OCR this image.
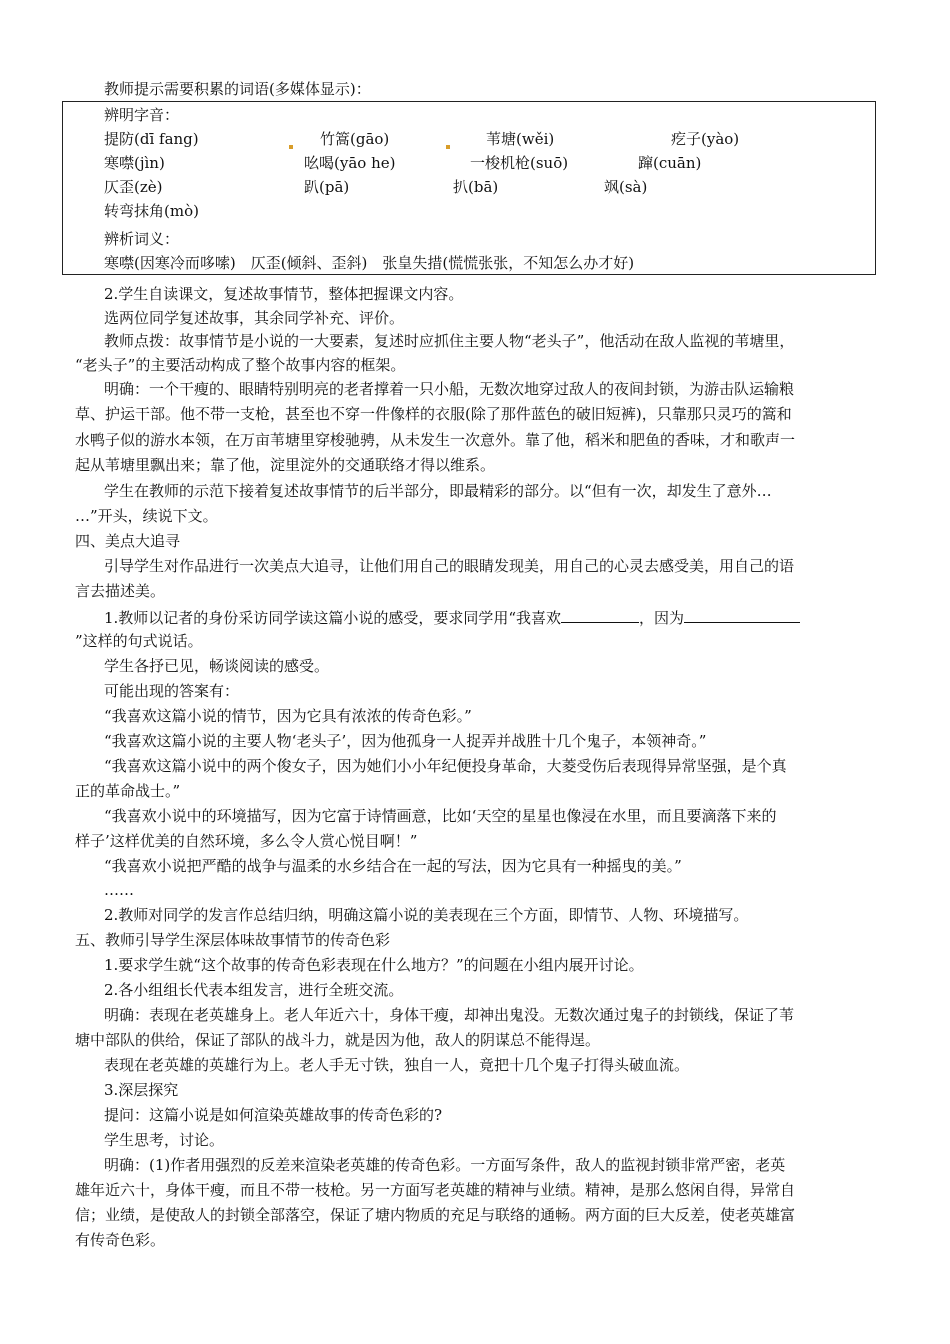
教师提示需要积累的词语(多媒体显示)：
辨明字音：
提防(dī fang)	竹篙(gāo)	苇塘(wěi)	疙子(yào)
寒噤(jìn)	吆喝(yāo he)	一梭机枪(suō)	蹿(cuān)
仄歪(zè)	趴(pā)	扒(bā)	飒(sà)
转弯抹角(mò)
辨析词义：
寒噤(因寒冷而哆嗦)　仄歪(倾斜、歪斜)　张皇失措(慌慌张张，不知怎么办才好)
2.学生自读课文，复述故事情节，整体把握课文内容。
选两位同学复述故事，其余同学补充、评价。
教师点拨：故事情节是小说的一大要素，复述时应抓住主要人物“老头子”，他活动在敌人监视的苇塘里，
“老头子”的主要活动构成了整个故事内容的框架。
明确：一个干瘦的、眼睛特别明亮的老者撑着一只小船，无数次地穿过敌人的夜间封锁，为游击队运输粮
草、护运干部。他不带一支枪，甚至也不穿一件像样的衣服(除了那件蓝色的破旧短裤)，只靠那只灵巧的篙和
水鸭子似的游水本领，在万亩苇塘里穿梭驰骋，从未发生一次意外。靠了他，稻米和肥鱼的香味，才和歌声一
起从苇塘里飘出来；靠了他，淀里淀外的交通联络才得以维系。
学生在教师的示范下接着复述故事情节的后半部分，即最精彩的部分。以“但有一次，却发生了意外…
…”开头，续说下文。
四、美点大追寻
引导学生对作品进行一次美点大追寻，让他们用自己的眼睛发现美，用自己的心灵去感受美，用自己的语
言去描述美。
1.教师以记者的身份采访同学读这篇小说的感受，要求同学用“我喜欢	，因为
”这样的句式说话。
学生各抒已见，畅谈阅读的感受。
可能出现的答案有：
“我喜欢这篇小说的情节，因为它具有浓浓的传奇色彩。”
“我喜欢这篇小说的主要人物‘老头子’，因为他孤身一人捉弄并战胜十几个鬼子，本领神奇。”
“我喜欢这篇小说中的两个俊女子，因为她们小小年纪便投身革命，大菱受伤后表现得异常坚强，是个真
正的革命战士。”
“我喜欢小说中的环境描写，因为它富于诗情画意，比如‘天空的星星也像浸在水里，而且要滴落下来的
样子’这样优美的自然环境，多么令人赏心悦目啊！”
“我喜欢小说把严酷的战争与温柔的水乡结合在一起的写法，因为它具有一种摇曳的美。”
……
2.教师对同学的发言作总结归纳，明确这篇小说的美表现在三个方面，即情节、人物、环境描写。
五、教师引导学生深层体味故事情节的传奇色彩
1.要求学生就“这个故事的传奇色彩表现在什么地方？”的问题在小组内展开讨论。
2.各小组组长代表本组发言，进行全班交流。
明确：表现在老英雄身上。老人年近六十，身体干瘦，却神出鬼没。无数次通过鬼子的封锁线，保证了苇
塘中部队的供给，保证了部队的战斗力，就是因为他，敌人的阴谋总不能得逞。
表现在老英雄的英雄行为上。老人手无寸铁，独自一人，竟把十几个鬼子打得头破血流。
3.深层探究
提问：这篇小说是如何渲染英雄故事的传奇色彩的?
学生思考，讨论。
明确：(1)作者用强烈的反差来渲染老英雄的传奇色彩。一方面写条件，敌人的监视封锁非常严密，老英
雄年近六十，身体干瘦，而且不带一枝枪。另一方面写老英雄的精神与业绩。精神，是那么悠闲自得，异常自
信；业绩，是使敌人的封锁全部落空，保证了塘内物质的充足与联络的通畅。两方面的巨大反差，使老英雄富
有传奇色彩。
